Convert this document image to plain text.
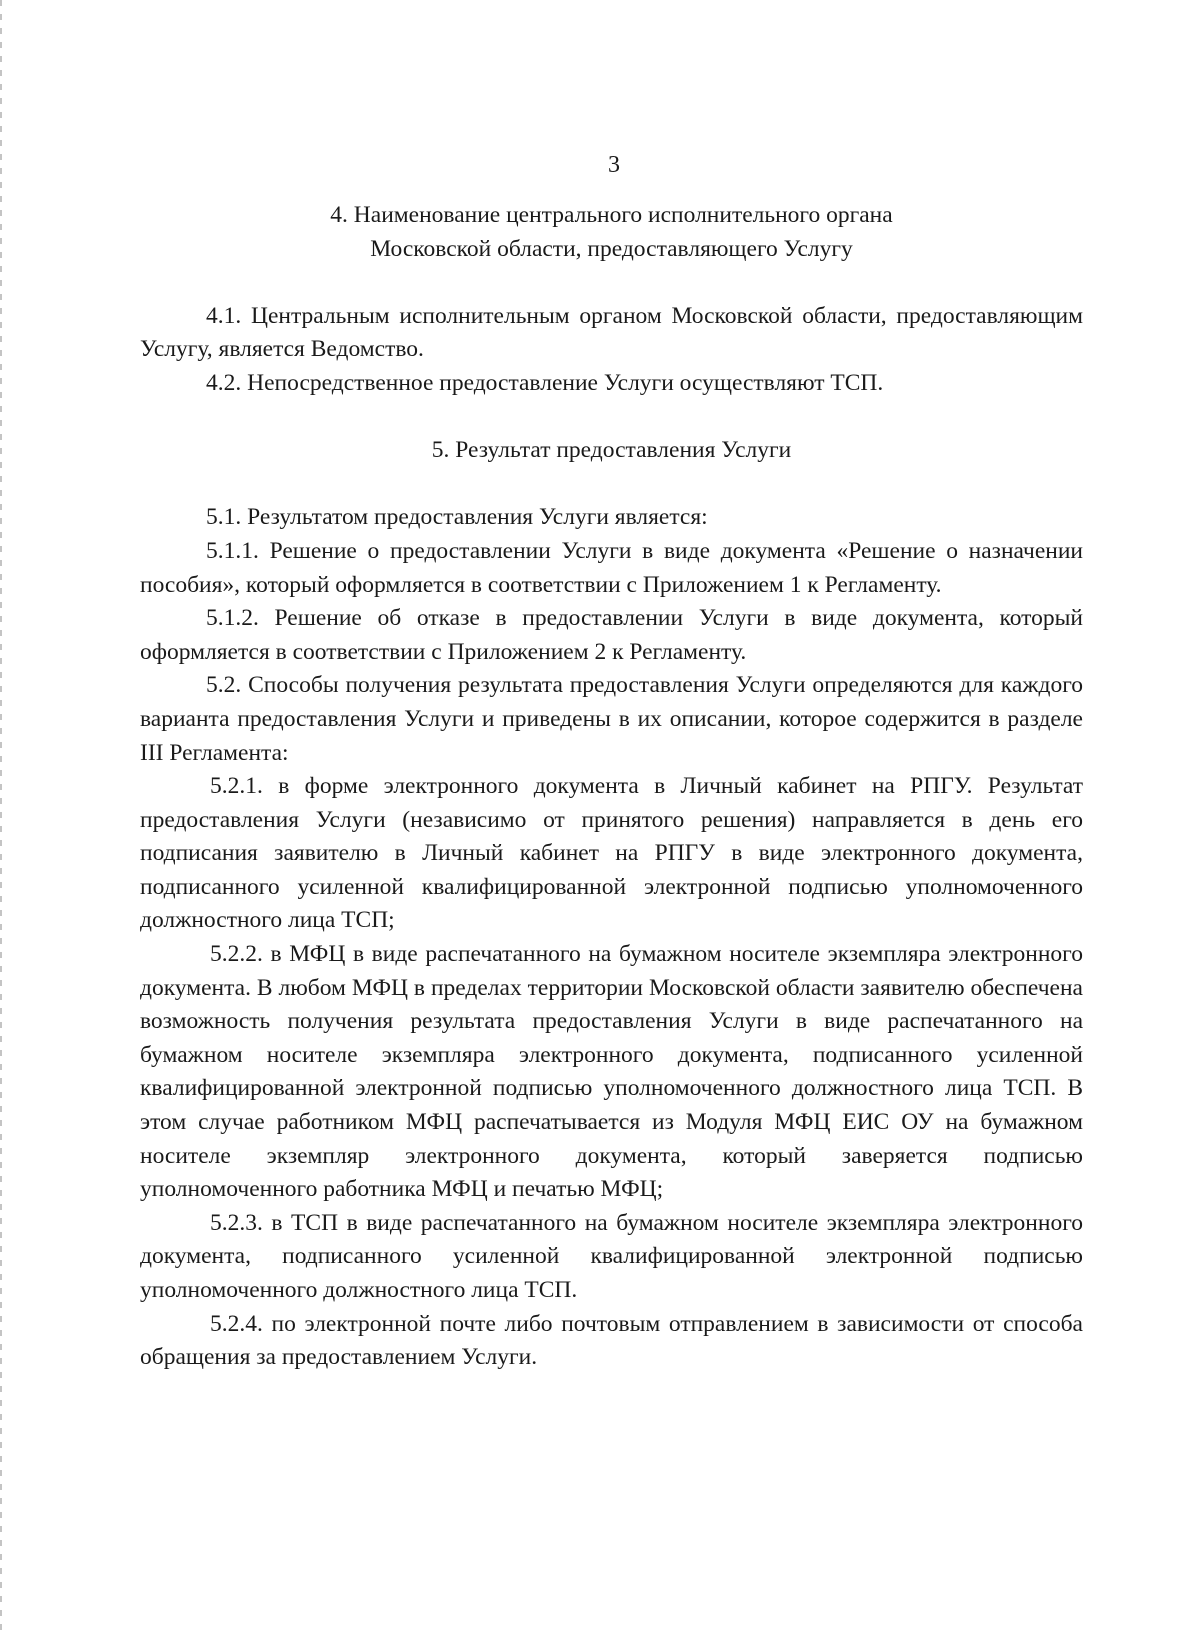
3

4. Наименование центрального исполнительного органа

Московской области, предоставляющего Услугу

4.1. Центральным исполнительным органом Московской области, предоставляющим Услугу, является Ведомство.

4.2. Непосредственное предоставление Услуги осуществляют ТСП.

5. Результат предоставления Услуги

5.1. Результатом предоставления Услуги является:

5.1.1. Решение о предоставлении Услуги в виде документа «Решение о назначении пособия», который оформляется в соответствии с Приложением 1 к Регламенту.

5.1.2. Решение об отказе в предоставлении Услуги в виде документа, который оформляется в соответствии с Приложением 2 к Регламенту.

5.2. Способы получения результата предоставления Услуги определяются для каждого варианта предоставления Услуги и приведены в их описании, которое содержится в разделе III Регламента:

5.2.1. в форме электронного документа в Личный кабинет на РПГУ. Результат предоставления Услуги (независимо от принятого решения) направляется в день его подписания заявителю в Личный кабинет на РПГУ в виде электронного документа, подписанного усиленной квалифицированной электронной подписью уполномоченного должностного лица ТСП;

5.2.2. в МФЦ в виде распечатанного на бумажном носителе экземпляра электронного документа. В любом МФЦ в пределах территории Московской области заявителю обеспечена возможность получения результата предоставления Услуги в виде распечатанного на бумажном носителе экземпляра электронного документа, подписанного усиленной квалифицированной электронной подписью уполномоченного должностного лица ТСП. В этом случае работником МФЦ распечатывается из Модуля МФЦ ЕИС ОУ на бумажном носителе экземпляр электронного документа, который заверяется подписью уполномоченного работника МФЦ и печатью МФЦ;

5.2.3. в ТСП в виде распечатанного на бумажном носителе экземпляра электронного документа, подписанного усиленной квалифицированной электронной подписью уполномоченного должностного лица ТСП.

5.2.4. по электронной почте либо почтовым отправлением в зависимости от способа обращения за предоставлением Услуги.
